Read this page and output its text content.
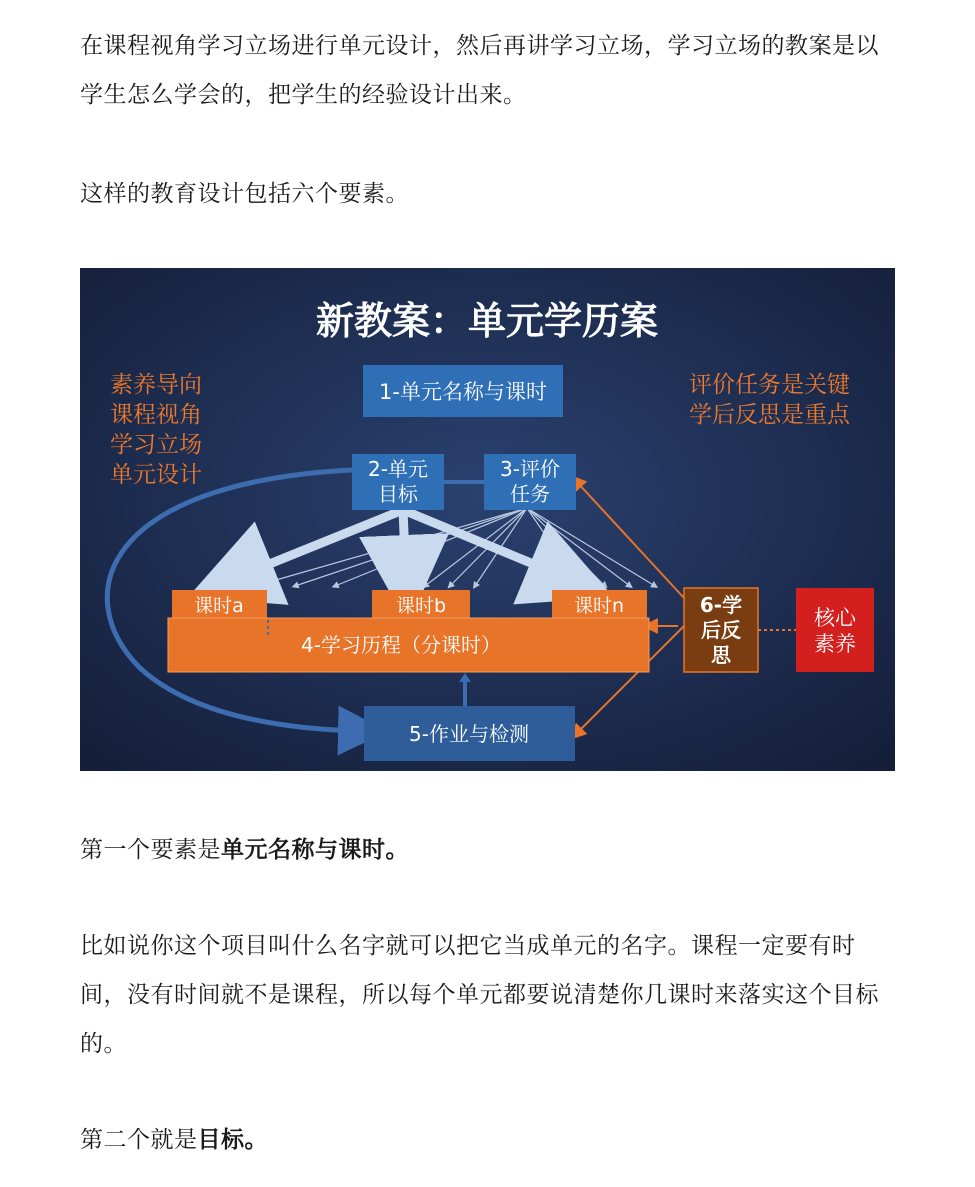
在课程视角学习立场进行单元设计，然后再讲学习立场，学习立场的教案是以学生怎么学会的，把学生的经验设计出来。

这样的教育设计包括六个要素。

新教案：单元学历案
素养导向
课程视角
学习立场
单元设计
评价任务是关键
学后反思是重点
1-单元名称与课时
2-单元
目标
3-评价
任务
课时a	课时b	课时n
4-学习历程（分课时）
5-作业与检测
6-学
后反
思
核心
素养

第一个要素是单元名称与课时。

比如说你这个项目叫什么名字就可以把它当成单元的名字。课程一定要有时间，没有时间就不是课程，所以每个单元都要说清楚你几课时来落实这个目标的。

第二个就是目标。
